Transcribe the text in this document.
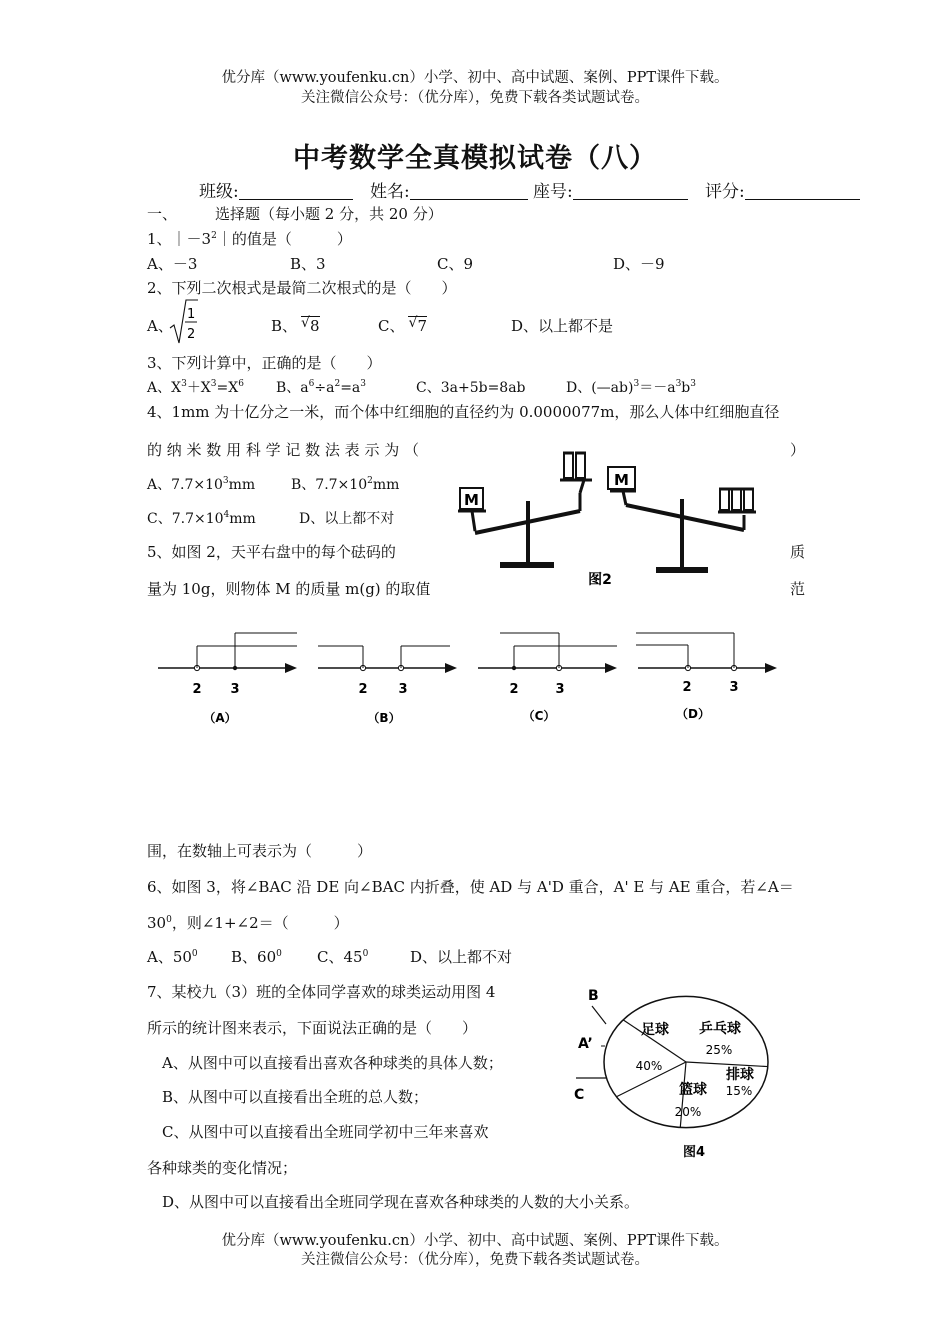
优分库（www.youfenku.cn）小学、初中、高中试题、案例、PPT课件下载。
关注微信公众号：（优分库），免费下载各类试题试卷。
中考数学全真模拟试卷（八）
班级:	姓名:	座号:	评分:
一、	选择题（每小题 2 分，共 20 分）
1、$|-3^2|$的值是（　　　）
A、－3	B、3	C、9	D、－9
2、下列二次根式是最简二次根式的是（　　）
A、
1
2	B、 √ 8	C、 √ 7	D、以上都不是
3、下列计算中，正确的是（　　）
A、$X^3+X^3=X^6$ B、$a^6\div a^2=a^3$	C、3a+5b=8ab	D、$(—ab)^3=-a^3b^3$
4、1mm 为十亿分之一米，而个体中红细胞的直径约为 0.0000077m，那么人体中红细胞直径
的 纳 米 数 用 科 学 记 数 法 表 示 为 （	）
A、$7.7\times 10^3mm$	B、$7.7\times 10^2mm$
C、$7.7\times 10^4mm$	D、以上都不对
5、如图 2，天平右盘中的每个砝码的	质
量为 10g，则物体 M 的质量 m(g) 的取值	范
M
M
图2
2 3
（A）
2 3
（B）
2	3
（C）
2	3
（D）
围，在数轴上可表示为（　　　）
6、如图 3，将∠BAC 沿 DE 向∠BAC 内折叠，使 AD 与 A'D 重合，A' E 与 AE 重合，若∠A＝
$30^0$，则∠1+∠2＝（　　　）
A、$50^0$ B、$60^0$ C、$45^0$	D、以上都不对
7、某校九（3）班的全体同学喜欢的球类运动用图 4
所示的统计图来表示，下面说法正确的是（　　）
A、从图中可以直接看出喜欢各种球类的具体人数；
B、从图中可以直接看出全班的总人数；
C、从图中可以直接看出全班同学初中三年来喜欢
各种球类的变化情况；
D、从图中可以直接看出全班同学现在喜欢各种球类的人数的大小关系。
B
A’
C
足球
40%
乒乓球
25%
排球
15%
篮球
20%
图4
优分库（www.youfenku.cn）小学、初中、高中试题、案例、PPT课件下载。
关注微信公众号：（优分库），免费下载各类试题试卷。
